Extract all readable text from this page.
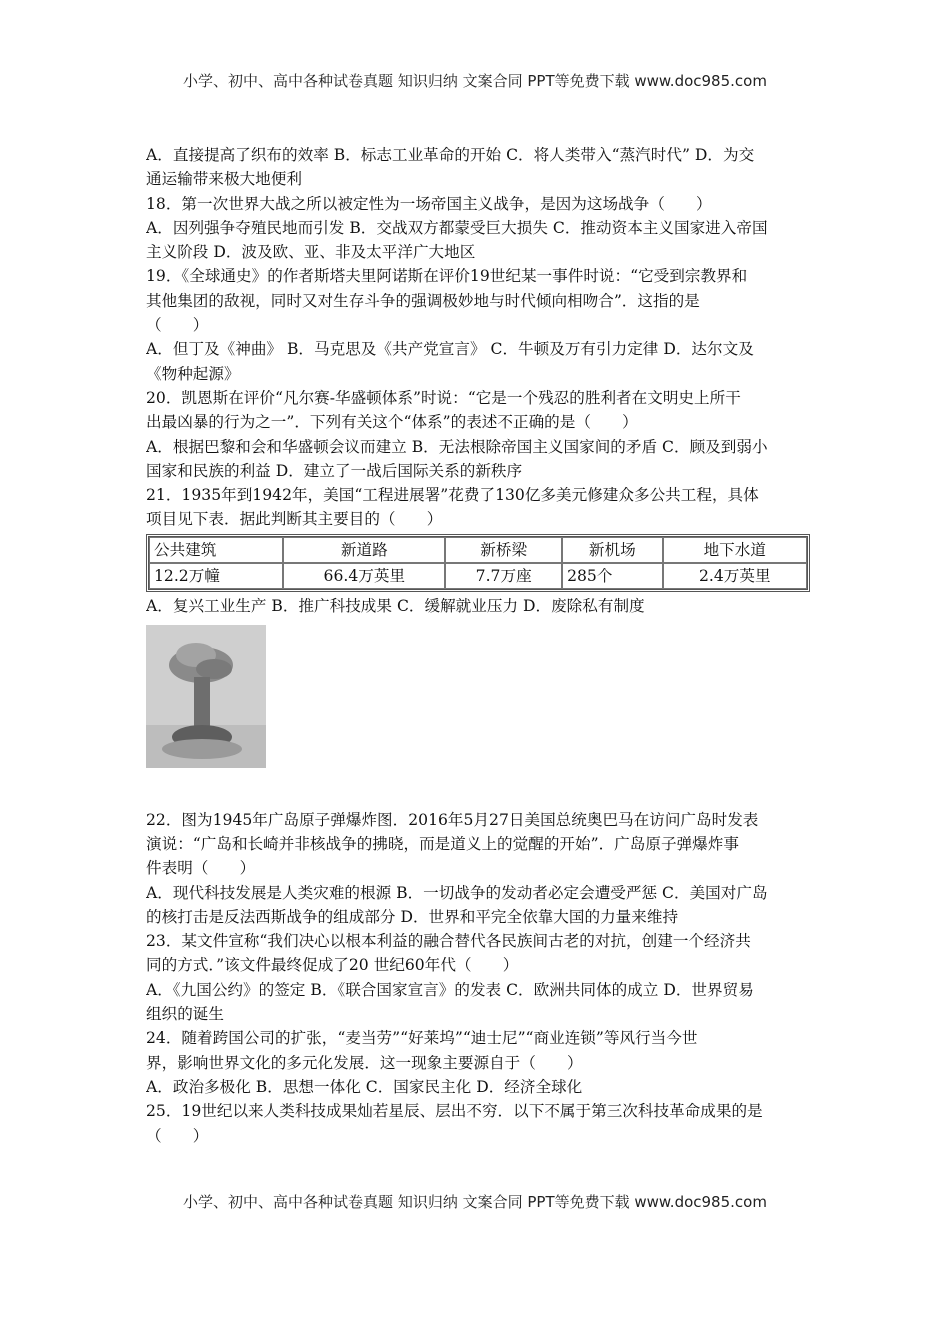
小学、初中、高中各种试卷真题 知识归纳 文案合同 PPT等免费下载 www.doc985.com

A．直接提高了织布的效率 B．标志工业革命的开始 C．将人类带入“蒸汽时代” D．为交

通运输带来极大地便利

18．第一次世界大战之所以被定性为一场帝国主义战争，是因为这场战争（　　）

A．因列强争夺殖民地而引发 B．交战双方都蒙受巨大损失 C．推动资本主义国家进入帝国

主义阶段 D．波及欧、亚、非及太平洋广大地区

19．《全球通史》的作者斯塔夫里阿诺斯在评价19世纪某一事件时说：“它受到宗教界和

其他集团的敌视，同时又对生存斗争的强调极妙地与时代倾向相吻合”．这指的是

（　　）

A．但丁及《神曲》 B．马克思及《共产党宣言》 C．牛顿及万有引力定律 D．达尔文及

《物种起源》

20．凯恩斯在评价“凡尔赛-华盛顿体系”时说：“它是一个残忍的胜利者在文明史上所干

出最凶暴的行为之一”．下列有关这个“体系”的表述不正确的是（　　）

A．根据巴黎和会和华盛顿会议而建立 B．无法根除帝国主义国家间的矛盾 C．顾及到弱小

国家和民族的利益 D．建立了一战后国际关系的新秩序

21．1935年到1942年，美国“工程进展署”花费了130亿多美元修建众多公共工程，具体

项目见下表．据此判断其主要目的（　　）

公共建筑	新道路	新桥梁	新机场	地下水道
12.2万幢	66.4万英里	7.7万座	285个	2.4万英里

A．复兴工业生产 B．推广科技成果 C．缓解就业压力 D．废除私有制度

22．图为1945年广岛原子弹爆炸图．2016年5月27日美国总统奥巴马在访问广岛时发表

演说：“广岛和长崎并非核战争的拂晓，而是道义上的觉醒的开始”．广岛原子弹爆炸事

件表明（　　）

A．现代科技发展是人类灾难的根源 B．一切战争的发动者必定会遭受严惩 C．美国对广岛

的核打击是反法西斯战争的组成部分 D．世界和平完全依靠大国的力量来维持

23．某文件宣称“我们决心以根本利益的融合替代各民族间古老的对抗，创建一个经济共

同的方式．”该文件最终促成了20 世纪60年代（　　）

A．《九国公约》的签定 B．《联合国家宣言》的发表 C．欧洲共同体的成立 D．世界贸易

组织的诞生

24．随着跨国公司的扩张，“麦当劳”“好莱坞”“迪士尼”“商业连锁”等风行当今世

界，影响世界文化的多元化发展．这一现象主要源自于（　　）

A．政治多极化 B．思想一体化 C．国家民主化 D．经济全球化

25．19世纪以来人类科技成果灿若星辰、层出不穷．以下不属于第三次科技革命成果的是

（　　）

小学、初中、高中各种试卷真题 知识归纳 文案合同 PPT等免费下载 www.doc985.com
